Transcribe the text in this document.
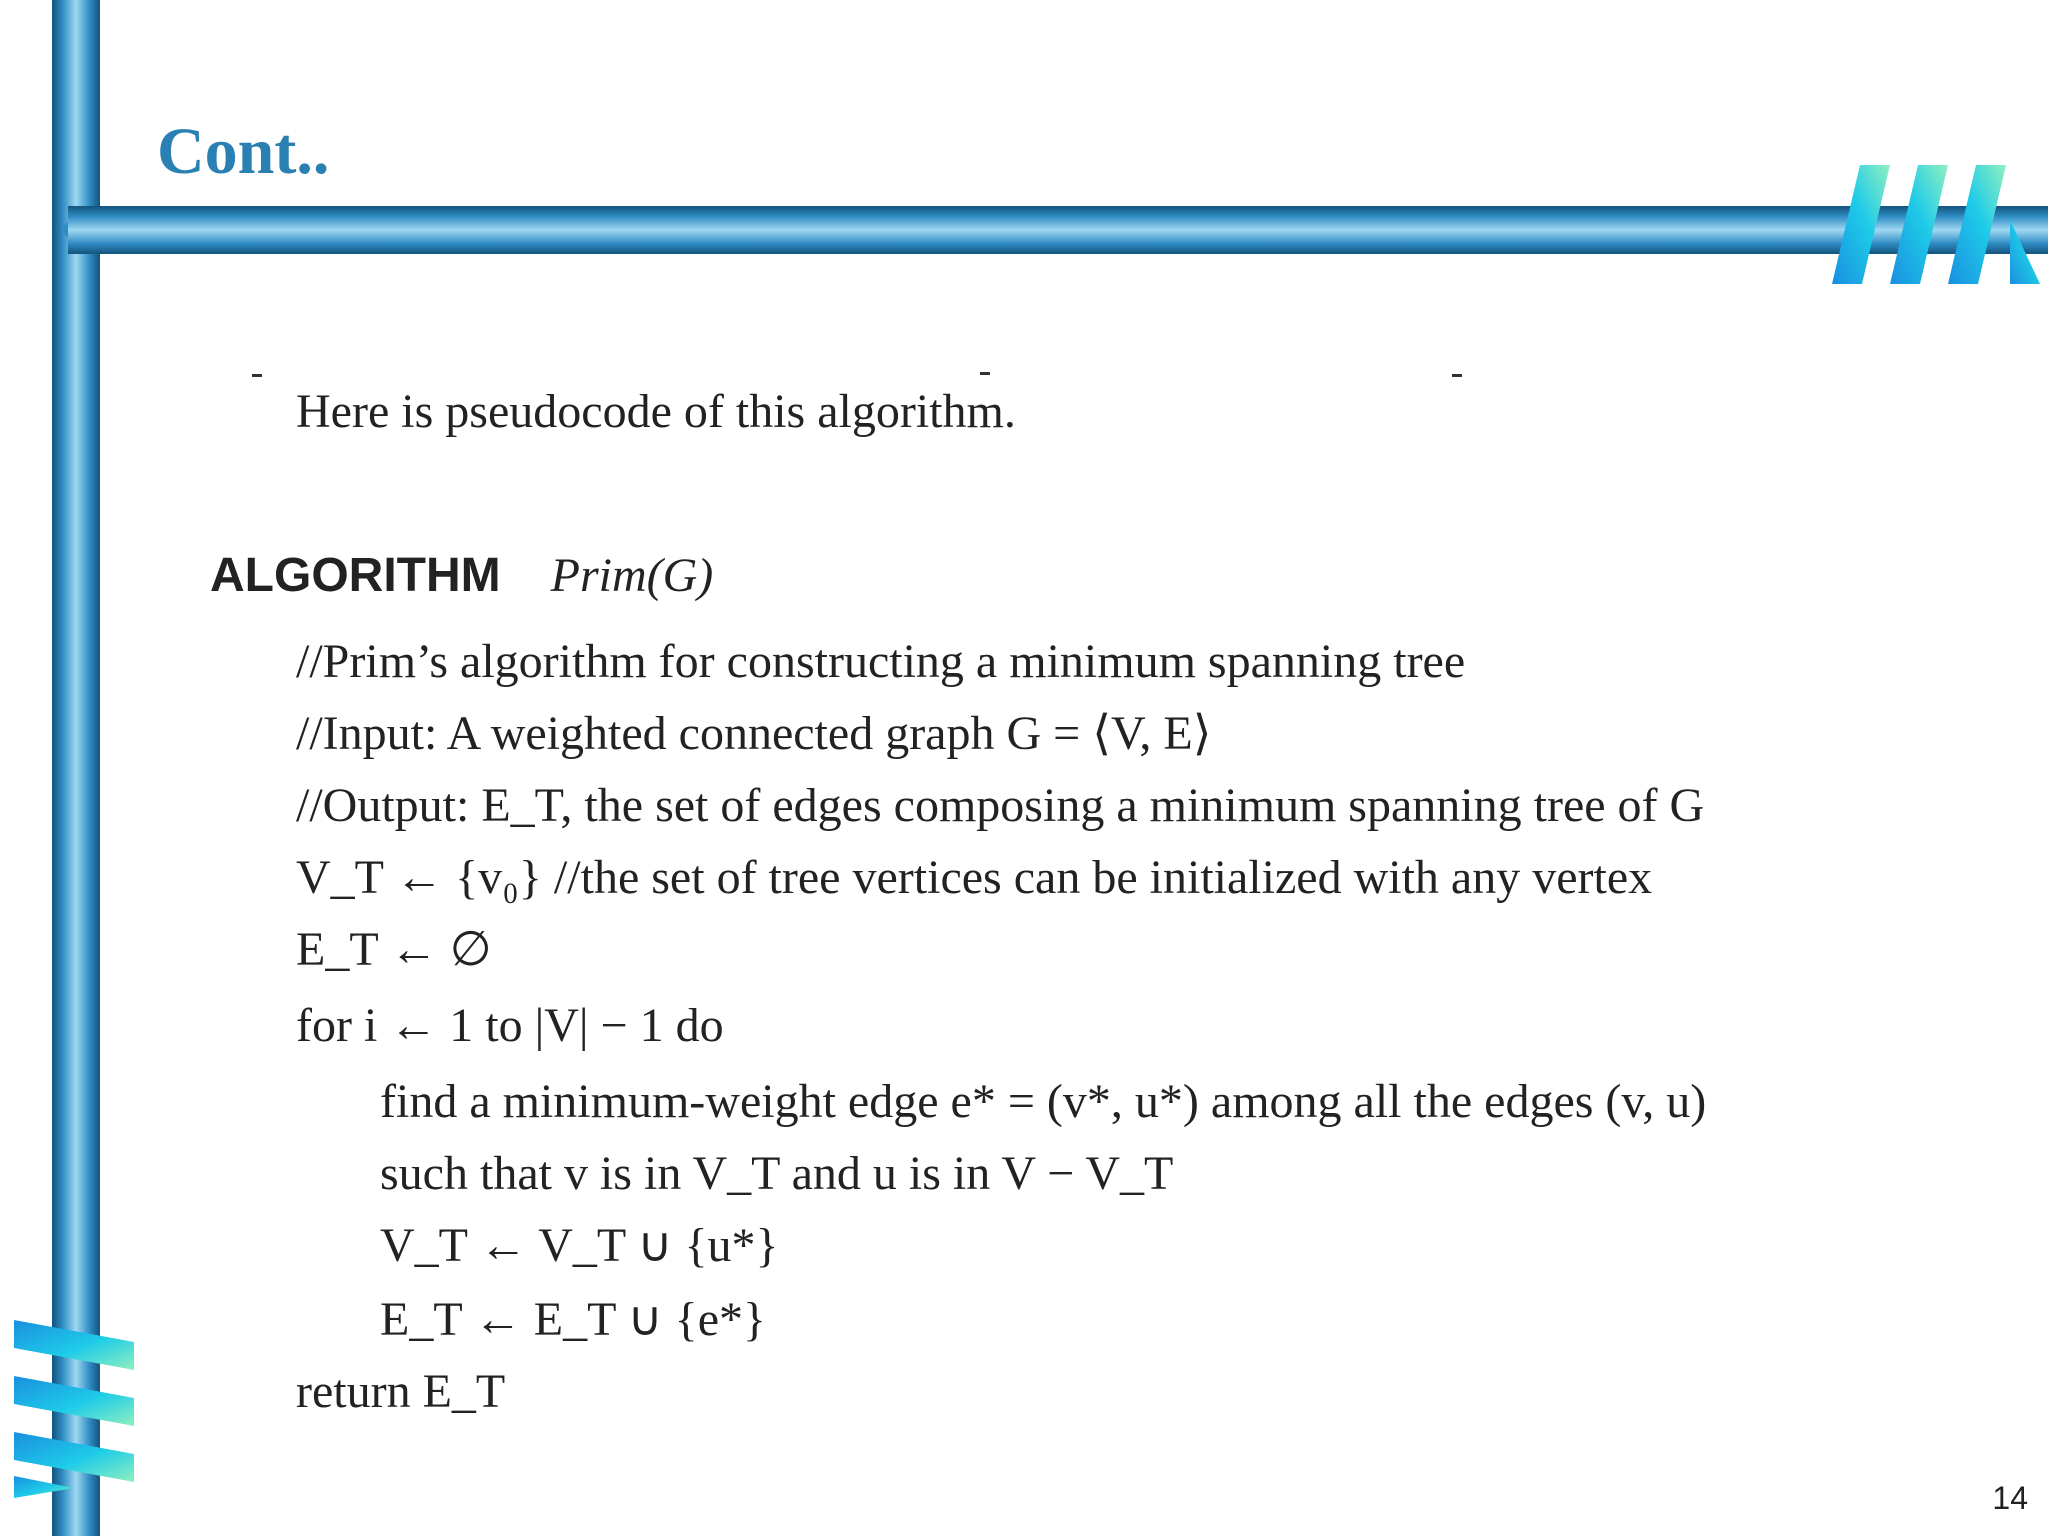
Cont..
Here is pseudocode of this algorithm.
ALGORITHM Prim(G)
//Prim’s algorithm for constructing a minimum spanning tree
//Input: A weighted connected graph G = ⟨V, E⟩
//Output: E_T, the set of edges composing a minimum spanning tree of G
V_T ← {v₀} //the set of tree vertices can be initialized with any vertex
E_T ← ∅
for i ← 1 to |V| − 1 do
find a minimum-weight edge e* = (v*, u*) among all the edges (v, u)
such that v is in V_T and u is in V − V_T
V_T ← V_T ∪ {u*}
E_T ← E_T ∪ {e*}
return E_T
14
